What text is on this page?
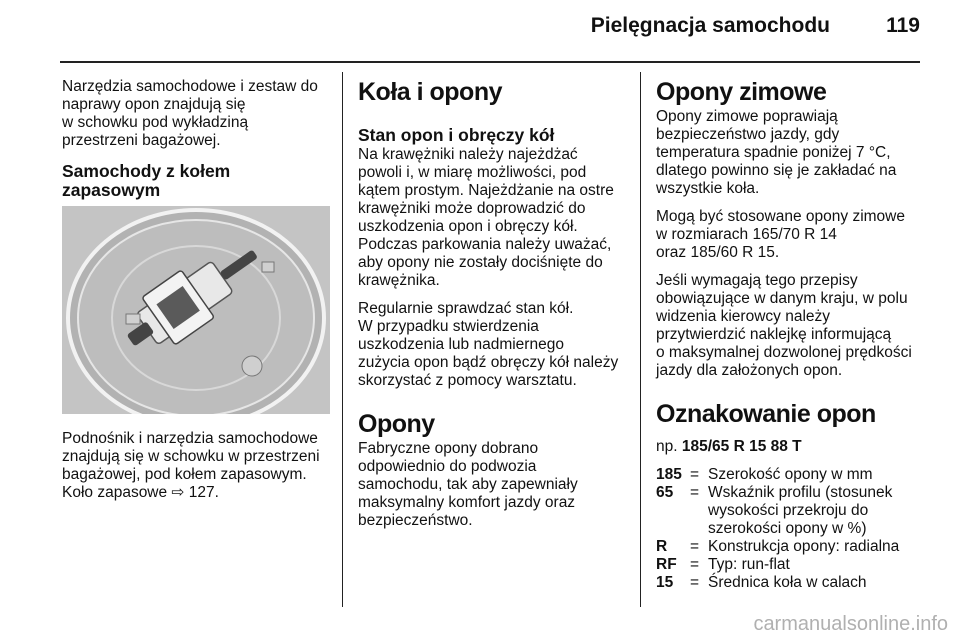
Pielęgnacja samochodu	119

Narzędzia samochodowe i zestaw do
naprawy opon znajdują się
w schowku pod wykładziną
przestrzeni bagażowej.

Samochody z kołem
zapasowym

Podnośnik i narzędzia samochodowe
znajdują się w schowku w przestrzeni
bagażowej, pod kołem zapasowym.
Koło zapasowe ⇨ 127.

Koła i opony
Stan opon i obręczy kół

Na krawężniki należy najeżdżać
powoli i, w miarę możliwości, pod
kątem prostym. Najeżdżanie na ostre
krawężniki może doprowadzić do
uszkodzenia opon i obręczy kół.
Podczas parkowania należy uważać,
aby opony nie zostały dociśnięte do
krawężnika.

Regularnie sprawdzać stan kół.
W przypadku stwierdzenia
uszkodzenia lub nadmiernego
zużycia opon bądź obręczy kół należy
skorzystać z pomocy warsztatu.

Opony

Fabryczne opony dobrano
odpowiednio do podwozia
samochodu, tak aby zapewniały
maksymalny komfort jazdy oraz
bezpieczeństwo.

Opony zimowe

Opony zimowe poprawiają
bezpieczeństwo jazdy, gdy
temperatura spadnie poniżej 7 °C,
dlatego powinno się je zakładać na
wszystkie koła.

Mogą być stosowane opony zimowe
w rozmiarach 165/70 R 14
oraz 185/60 R 15.

Jeśli wymagają tego przepisy
obowiązujące w danym kraju, w polu
widzenia kierowcy należy
przytwierdzić naklejkę informującą
o maksymalnej dozwolonej prędkości
jazdy dla założonych opon.

Oznakowanie opon

np. 185/65 R 15 88 T

185 = Szerokość opony w mm
65	= Wskaźnik profilu (stosunek
wysokości przekroju do
szerokości opony w %)
R	= Konstrukcja opony: radialna
RF = Typ: run-flat
15	= Średnica koła w calach
carmanualsonline.info
